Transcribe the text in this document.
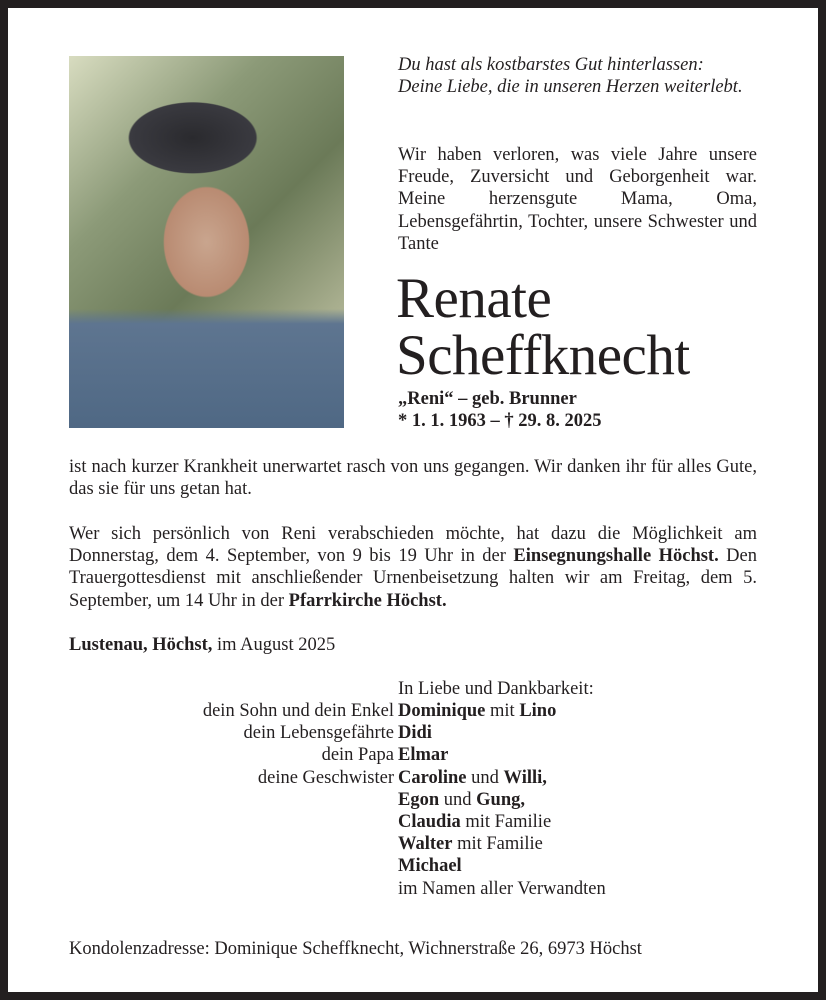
Du hast als kostbarstes Gut hinterlassen:
Deine Liebe, die in unseren Herzen weiterlebt.
Wir haben verloren, was viele Jahre unsere Freude, Zuversicht und Geborgenheit war. Meine herzensgute Mama, Oma, Lebensgefährtin, Tochter, unsere Schwester und Tante
Renate
Scheffknecht
„Reni“ – geb. Brunner
* 1. 1. 1963 – † 29. 8. 2025
ist nach kurzer Krankheit unerwartet rasch von uns gegangen. Wir danken ihr für alles Gute, das sie für uns getan hat.
Wer sich persönlich von Reni verabschieden möchte, hat dazu die Möglichkeit am Donnerstag, dem 4. September, von 9 bis 19 Uhr in der Einsegnungshalle Höchst. Den Trauergottesdienst mit anschließender Urnenbeisetzung halten wir am Freitag, dem 5. September, um 14 Uhr in der Pfarrkirche Höchst.
Lustenau, Höchst, im August 2025
In Liebe und Dankbarkeit:
dein Sohn und dein Enkel Dominique mit Lino
dein Lebensgefährte Didi
dein Papa Elmar
deine Geschwister Caroline und Willi,
Egon und Gung,
Claudia mit Familie
Walter mit Familie
Michael
im Namen aller Verwandten
Kondolenzadresse: Dominique Scheffknecht, Wichnerstraße 26, 6973 Höchst
